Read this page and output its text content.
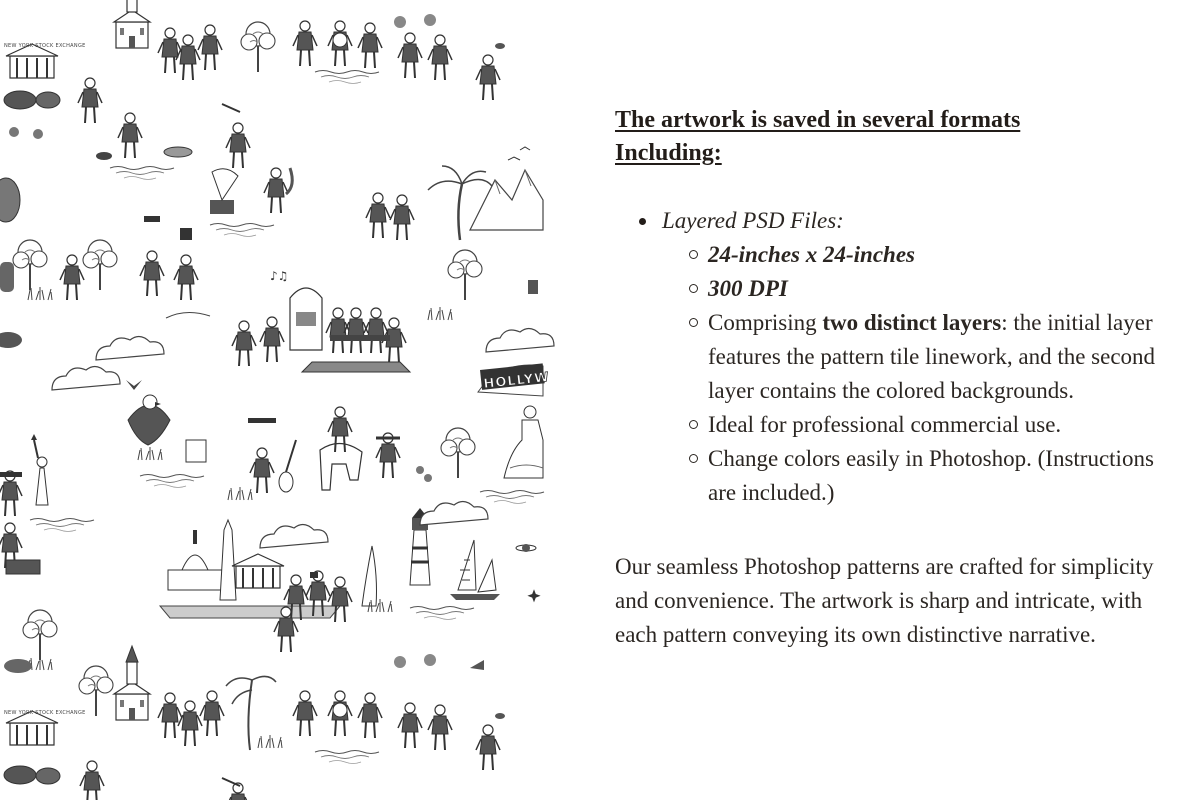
NEW YORK STOCK EXCHANGE
♪♫
HOLLYW
NEW YORK STOCK EXCHANGE
The artwork is saved in several formats
Including:
Layered PSD Files:
24-inches x 24-inches
300 DPI
Comprising two distinct layers: the initial layer features the pattern tile linework, and the second layer contains the colored backgrounds.
Ideal for professional commercial use.
Change colors easily in Photoshop. (Instructions are included.)

Our seamless Photoshop patterns are crafted for simplicity and convenience. The artwork is sharp and intricate, with each pattern conveying its own distinctive narrative.
